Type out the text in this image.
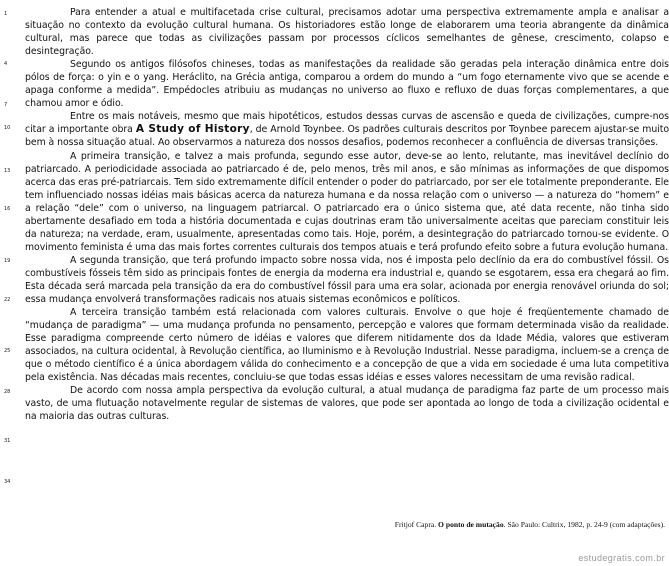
1
4
7
10
13
16
19
22
25
28
31
34

Para entender a atual e multifacetada crise cultural, precisamos adotar uma perspectiva extremamente ampla e analisar a situação no contexto da evolução cultural humana. Os historiadores estão longe de elaborarem uma teoria abrangente da dinâmica cultural, mas parece que todas as civilizações passam por processos cíclicos semelhantes de gênese, crescimento, colapso e desintegração.

Segundo os antigos filósofos chineses, todas as manifestações da realidade são geradas pela interação dinâmica entre dois pólos de força: o yin e o yang. Heráclito, na Grécia antiga, comparou a ordem do mundo a “um fogo eternamente vivo que se acende e apaga conforme a medida”. Empédocles atribuiu as mudanças no universo ao fluxo e refluxo de duas forças complementares, a que chamou amor e ódio.

Entre os mais notáveis, mesmo que mais hipotéticos, estudos dessas curvas de ascensão e queda de civilizações, cumpre-nos citar a importante obra A Study of History, de Arnold Toynbee. Os padrões culturais descritos por Toynbee parecem ajustar-se muito bem à nossa situação atual. Ao observarmos a natureza dos nossos desafios, podemos reconhecer a confluência de diversas transições.

A primeira transição, e talvez a mais profunda, segundo esse autor, deve-se ao lento, relutante, mas inevitável declínio do patriarcado. A periodicidade associada ao patriarcado é de, pelo menos, três mil anos, e são mínimas as informações de que dispomos acerca das eras pré-patriarcais. Tem sido extremamente difícil entender o poder do patriarcado, por ser ele totalmente preponderante. Ele tem influenciado nossas idéias mais básicas acerca da natureza humana e da nossa relação com o universo — a natureza do “homem” e a relação “dele” com o universo, na linguagem patriarcal. O patriarcado era o único sistema que, até data recente, não tinha sido abertamente desafiado em toda a história documentada e cujas doutrinas eram tão universalmente aceitas que pareciam constituir leis da natureza; na verdade, eram, usualmente, apresentadas como tais. Hoje, porém, a desintegração do patriarcado tornou-se evidente. O movimento feminista é uma das mais fortes correntes culturais dos tempos atuais e terá profundo efeito sobre a futura evolução humana.

A segunda transição, que terá profundo impacto sobre nossa vida, nos é imposta pelo declínio da era do combustível fóssil. Os combustíveis fósseis têm sido as principais fontes de energia da moderna era industrial e, quando se esgotarem, essa era chegará ao fim. Esta década será marcada pela transição da era do combustível fóssil para uma era solar, acionada por energia renovável oriunda do sol; essa mudança envolverá transformações radicais nos atuais sistemas econômicos e políticos.

A terceira transição também está relacionada com valores culturais. Envolve o que hoje é freqüentemente chamado de “mudança de paradigma” — uma mudança profunda no pensamento, percepção e valores que formam determinada visão da realidade. Esse paradigma compreende certo número de idéias e valores que diferem nitidamente dos da Idade Média, valores que estiveram associados, na cultura ocidental, à Revolução científica, ao Iluminismo e à Revolução Industrial. Nesse paradigma, incluem-se a crença de que o método científico é a única abordagem válida do conhecimento e a concepção de que a vida em sociedade é uma luta competitiva pela existência. Nas décadas mais recentes, concluiu-se que todas essas idéias e esses valores necessitam de uma revisão radical.

De acordo com nossa ampla perspectiva da evolução cultural, a atual mudança de paradigma faz parte de um processo mais vasto, de uma flutuação notavelmente regular de sistemas de valores, que pode ser apontada ao longo de toda a civilização ocidental e na maioria das outras culturas.

Fritjof Capra. O ponto de mutação. São Paulo: Cultrix, 1982, p. 24-9 (com adaptações).
estudegratis.com.br
